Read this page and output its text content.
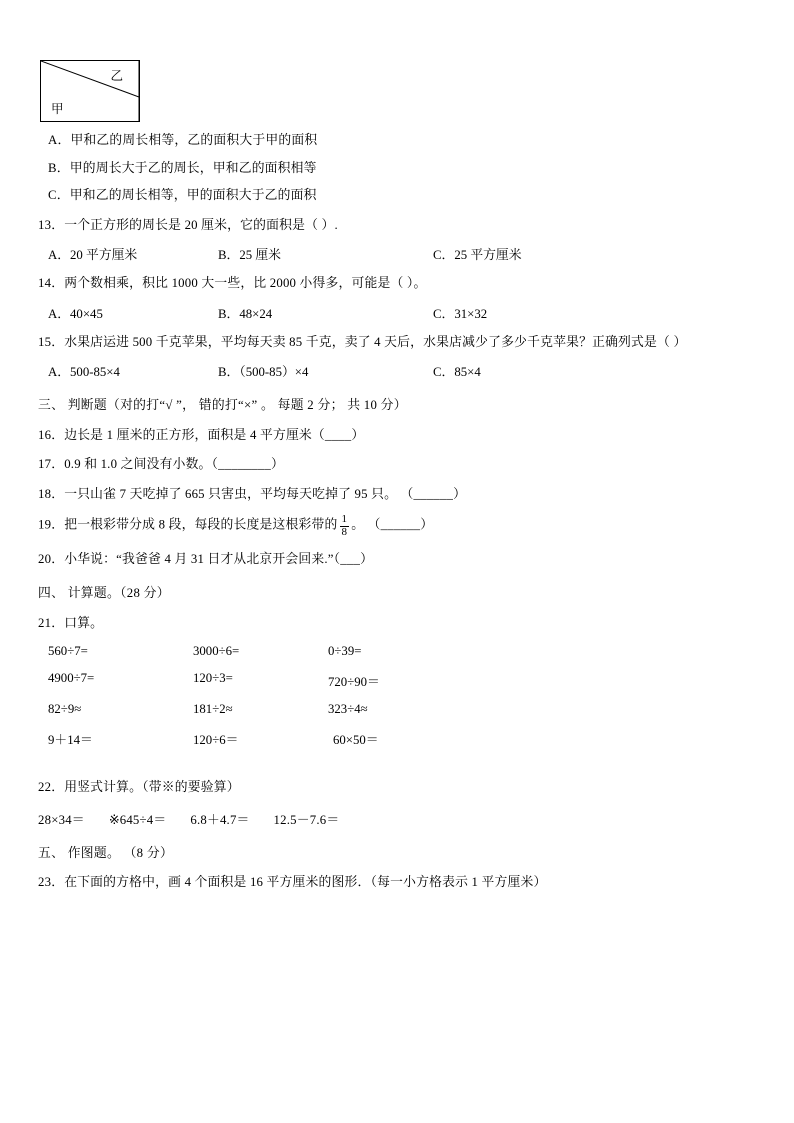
乙
甲
A．甲和乙的周长相等，乙的面积大于甲的面积
B．甲的周长大于乙的周长，甲和乙的面积相等
C．甲和乙的周长相等，甲的面积大于乙的面积
13．一个正方形的周长是 20 厘米，它的面积是（ ）.
A．20 平方厘米	B．25 厘米	C．25 平方厘米
14．两个数相乘，积比 1000 大一些，比 2000 小得多，可能是（ ）。
A．40×45	B．48×24	C．31×32
15．水果店运进 500 千克苹果，平均每天卖 85 千克，卖了 4 天后，水果店减少了多少千克苹果？正确列式是（ ）
A．500-85×4	B．（500-85）×4	C．85×4
三、 判断题（对的打“√ ”， 错的打“×” 。 每题 2 分； 共 10 分）
16．边长是 1 厘米的正方形，面积是 4 平方厘米（____）
17．0.9 和 1.0 之间没有小数。（________）
18．一只山雀 7 天吃掉了 665 只害虫，平均每天吃掉了 95 只。 （______）
19．把一根彩带分成 8 段，每段的长度是这根彩带的 $\frac{1}{8}$ 。 （______）
20．小华说：“我爸爸 4 月 31 日才从北京开会回来.”（___）
四、 计算题。（28 分）
21．口算。
560÷7=	3000÷6=	0÷39=
4900÷7=	120÷3=	720÷90＝
82÷9≈	181÷2≈	323÷4≈
9＋14＝	120÷6＝	60×50＝
22．用竖式计算。（带※的要验算）
28×34＝ ※645÷4＝ 6.8＋4.7＝ 12.5－7.6＝
五、 作图题。 （8 分）
23．在下面的方格中，画 4 个面积是 16 平方厘米的图形．（每一小方格表示 1 平方厘米）
